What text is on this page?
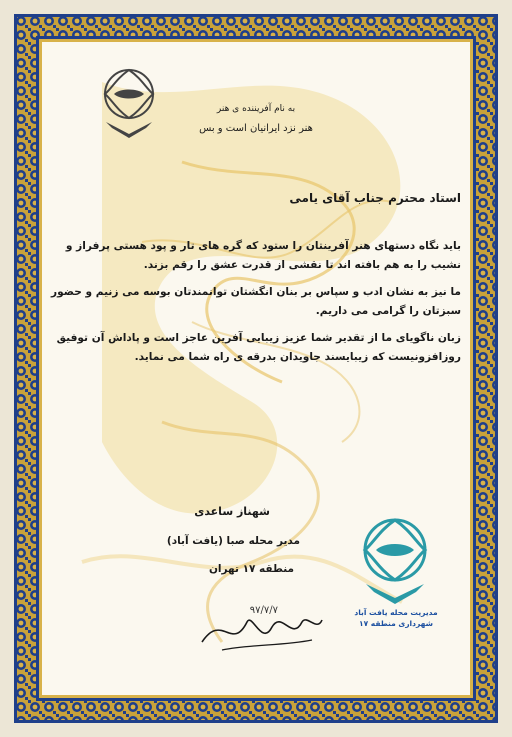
به نام آفریننده ی هنر
هنر نزد ایرانیان است و بس
استاد محترم جناب آقای یامی
باید نگاه دستهای هنر آفرینتان را ستود که گره های تار و پود هستی پرفراز و نشیب را به هم بافته اند تا نقشی از قدرت عشق را رقم بزند.
ما نیز به نشان ادب و سپاس بر بنان انگشتان توانمندتان بوسه می زنیم و حضور سبزتان را گرامی می داریم.
زبان ناگویای ما از تقدیر شما عزیز زیبایی آفرین عاجز است و پاداش آن توفیق روزافزونیست که زیبایسند جاویدان بدرقه ی راه شما می نماید.
شهناز ساعدی
مدیر محله صبا (یافت آباد)
منطقه ۱۷ تهران
۹۷/۷/۷	مدیریت محله یافت آباد
شهرداری منطقه ۱۷
